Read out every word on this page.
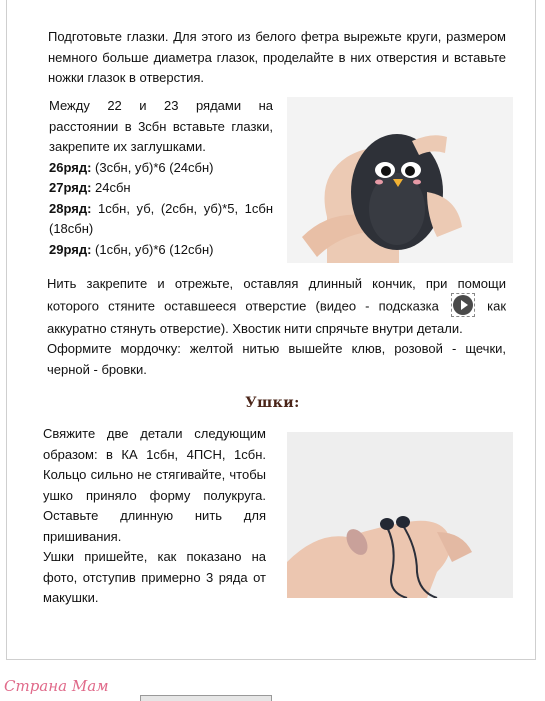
Подготовьте глазки. Для этого из белого фетра вырежьте круги, размером немного больше диаметра глазок, проделайте в них отверстия и вставьте ножки глазок в отверстия.

Между 22 и 23 рядами на расстоянии в 3сбн вставьте глазки, закрепите их заглушками.
26ряд: (3сбн, уб)*6 (24сбн)
27ряд: 24сбн
28ряд: 1сбн, уб, (2сбн, уб)*5, 1сбн (18сбн)
29ряд: (1сбн, уб)*6 (12сбн)

Нить закрепите и отрежьте, оставляя длинный кончик, при помощи которого стяните оставшееся отверстие (видео - подсказка	как аккуратно стянуть отверстие). Хвостик нити спрячьте внутри детали.
Оформите мордочку: желтой нитью вышейте клюв, розовой - щечки, черной - бровки.

Ушки:
Свяжите две детали следующим образом: в КА 1сбн, 4ПСН, 1сбн. Кольцо сильно не стягивайте, чтобы ушко приняло форму полукруга. Оставьте длинную нить для пришивания.
Ушки пришейте, как показано на фото, отступив примерно 3 ряда от макушки.
Страна Мам
